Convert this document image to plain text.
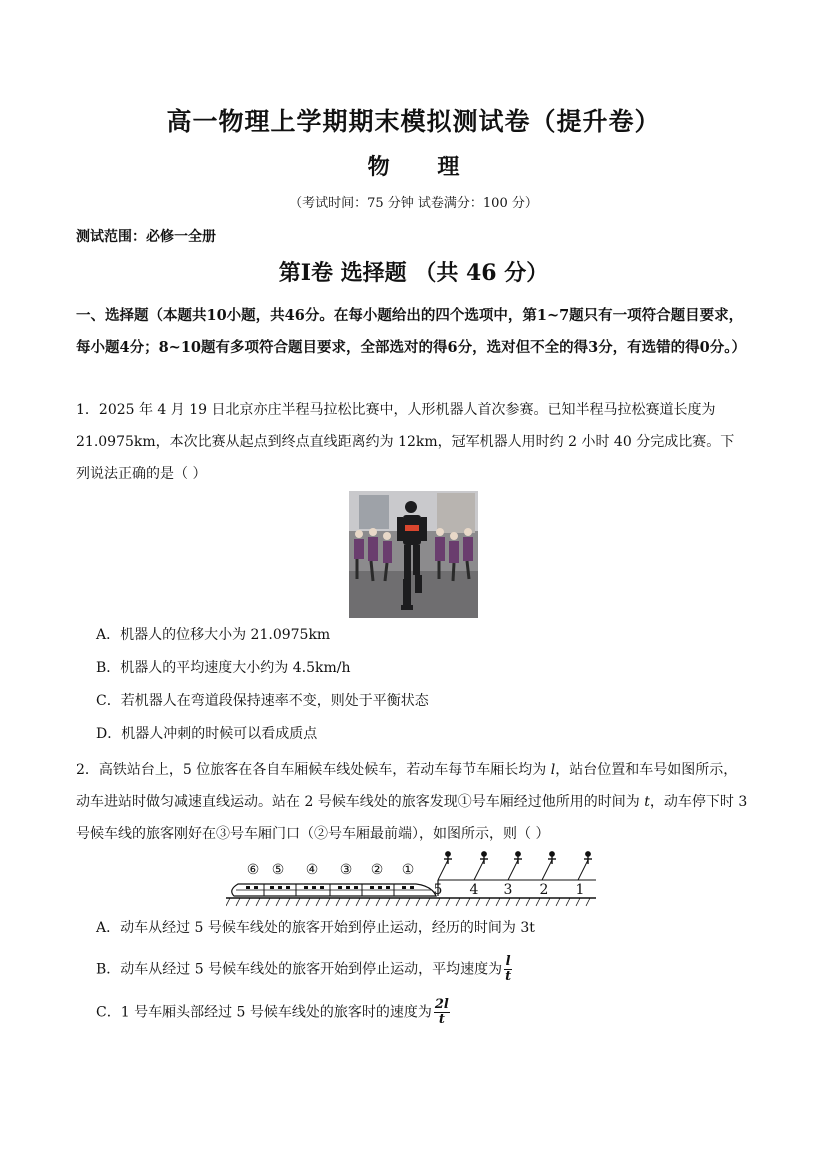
高一物理上学期期末模拟测试卷（提升卷）
物 理
（考试时间：75 分钟 试卷满分：100 分）
测试范围：必修一全册
第Ⅰ卷 选择题 （共 46 分）
一、选择题（本题共10小题，共46分。在每小题给出的四个选项中，第1~7题只有一项符合题目要求，每小题4分；8~10题有多项符合题目要求，全部选对的得6分，选对但不全的得3分，有选错的得0分。）
1．2025 年 4 月 19 日北京亦庄半程马拉松比赛中，人形机器人首次参赛。已知半程马拉松赛道长度为 21.0975km，本次比赛从起点到终点直线距离约为 12km，冠军机器人用时约 2 小时 40 分完成比赛。下列说法正确的是（ ）
A．机器人的位移大小为 21.0975km
B．机器人的平均速度大小约为 4.5km/h
C．若机器人在弯道段保持速率不变，则处于平衡状态
D．机器人冲刺的时候可以看成质点
2．高铁站台上，5 位旅客在各自车厢候车线处候车，若动车每节车厢长均为 l，站台位置和车号如图所示，动车进站时做匀减速直线运动。站在 2 号候车线处的旅客发现①号车厢经过他所用的时间为 t，动车停下时 3 号候车线的旅客刚好在③号车厢门口（②号车厢最前端），如图所示，则（ ）
⑥ ⑤ ④ ③ ② ①
5 4 3 2 1
A．动车从经过 5 号候车线处的旅客开始到停止运动，经历的时间为 3t
B．动车从经过 5 号候车线处的旅客开始到停止运动，平均速度为 $\frac{l}{t}$
C．1 号车厢头部经过 5 号候车线处的旅客时的速度为 $\frac{2l}{t}$
